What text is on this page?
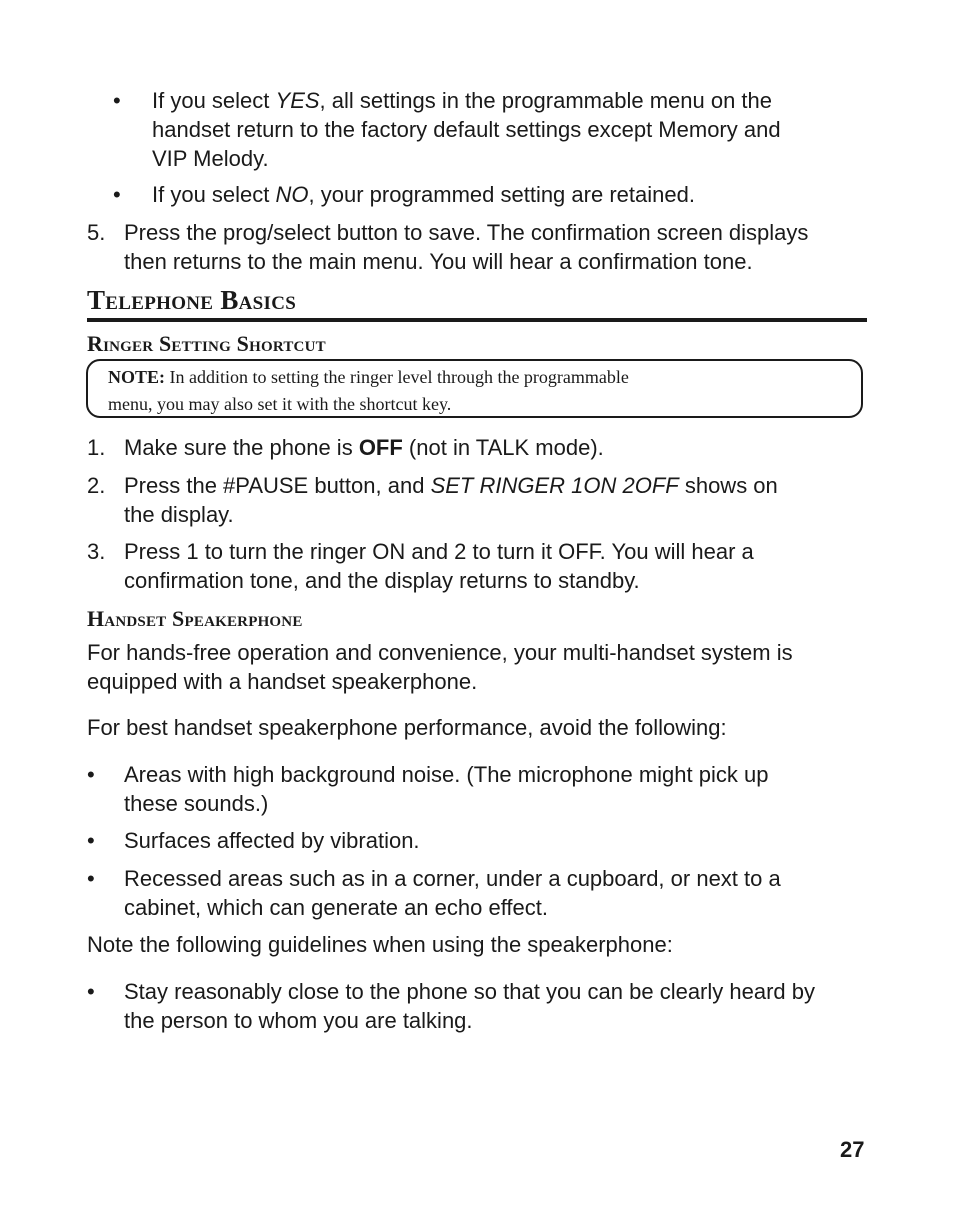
• If you select YES, all settings in the programmable menu on the
handset return to the factory default settings except Memory and
VIP Melody.
• If you select NO, your programmed setting are retained.
5. Press the prog/select button to save. The confirmation screen displays
then returns to the main menu. You will hear a confirmation tone.
Telephone Basics
Ringer Setting Shortcut
NOTE: In addition to setting the ringer level through the programmable
menu, you may also set it with the shortcut key.
1. Make sure the phone is OFF (not in TALK mode).
2. Press the #PAUSE button, and SET RINGER 1ON 2OFF shows on
the display.
3. Press 1 to turn the ringer ON and 2 to turn it OFF. You will hear a
confirmation tone, and the display returns to standby.
Handset Speakerphone
For hands-free operation and convenience, your multi-handset system is
equipped with a handset speakerphone.
For best handset speakerphone performance, avoid the following:
• Areas with high background noise. (The microphone might pick up
these sounds.)
• Surfaces affected by vibration.
• Recessed areas such as in a corner, under a cupboard, or next to a
cabinet, which can generate an echo effect.
Note the following guidelines when using the speakerphone:
• Stay reasonably close to the phone so that you can be clearly heard by
the person to whom you are talking.
27
